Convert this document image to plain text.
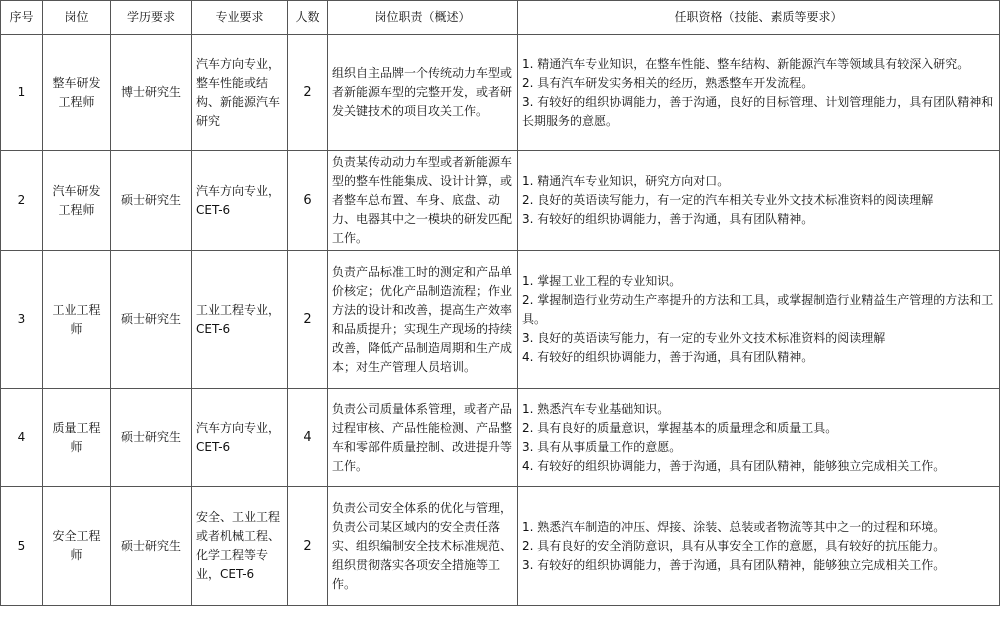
序号	岗位	学历要求	专业要求	人数	岗位职责（概述）	任职资格（技能、素质等要求）
1	整车研发工程师	博士研究生	汽车方向专业，整车性能或结构、新能源汽车研究	2	组织自主品牌一个传统动力车型或者新能源车型的完整开发，或者研发关键技术的项目攻关工作。	1. 精通汽车专业知识，在整车性能、整车结构、新能源汽车等领域具有较深入研究。
2. 具有汽车研发实务相关的经历，熟悉整车开发流程。
3. 有较好的组织协调能力，善于沟通，良好的目标管理、计划管理能力，具有团队精神和长期服务的意愿。

2	汽车研发工程师	硕士研究生	汽车方向专业，CET-6	6	负责某传动动力车型或者新能源车型的整车性能集成、设计计算，或者整车总布置、车身、底盘、动力、电器其中之一模块的研发匹配工作。	1. 精通汽车专业知识，研究方向对口。
2. 良好的英语读写能力，有一定的汽车相关专业外文技术标准资料的阅读理解
3. 有较好的组织协调能力，善于沟通，具有团队精神。

3	工业工程师	硕士研究生	工业工程专业，CET-6	2	负责产品标准工时的测定和产品单价核定；优化产品制造流程；作业方法的设计和改善，提高生产效率和品质提升；实现生产现场的持续改善，降低产品制造周期和生产成本；对生产管理人员培训。	1. 掌握工业工程的专业知识。
2. 掌握制造行业劳动生产率提升的方法和工具，或掌握制造行业精益生产管理的方法和工具。
3. 良好的英语读写能力，有一定的专业外文技术标准资料的阅读理解
4. 有较好的组织协调能力，善于沟通，具有团队精神。

4	质量工程师	硕士研究生	汽车方向专业，CET-6	4	负责公司质量体系管理，或者产品过程审核、产品性能检测、产品整车和零部件质量控制、改进提升等工作。	1. 熟悉汽车专业基础知识。
2. 具有良好的质量意识，掌握基本的质量理念和质量工具。
3. 具有从事质量工作的意愿。
4. 有较好的组织协调能力，善于沟通，具有团队精神，能够独立完成相关工作。

5	安全工程师	硕士研究生	安全、工业工程或者机械工程、化学工程等专业，CET-6	2	负责公司安全体系的优化与管理，负责公司某区域内的安全责任落实、组织编制安全技术标准规范、组织贯彻落实各项安全措施等工作。	1. 熟悉汽车制造的冲压、焊接、涂装、总装或者物流等其中之一的过程和环境。
2. 具有良好的安全消防意识，具有从事安全工作的意愿，具有较好的抗压能力。
3. 有较好的组织协调能力，善于沟通，具有团队精神，能够独立完成相关工作。
